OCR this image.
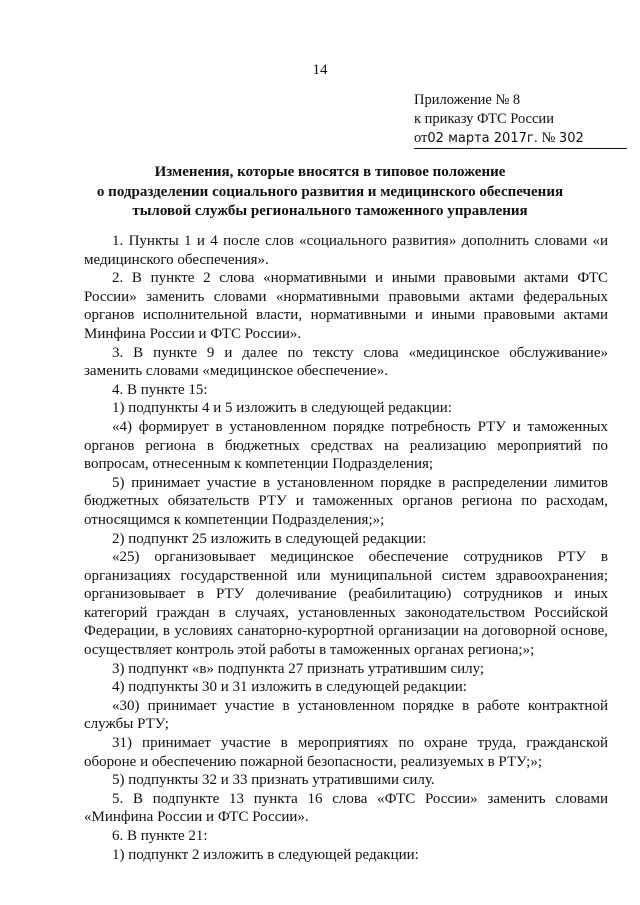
14
Приложение № 8
к приказу ФТС России
от02 марта 2017г. № 302
Изменения, которые вносятся в типовое положение
о подразделении социального развития и медицинского обеспечения
тыловой службы регионального таможенного управления

1. Пункты 1 и 4 после слов «социального развития» дополнить словами «и медицинского обеспечения».

2. В пункте 2 слова «нормативными и иными правовыми актами ФТС России» заменить словами «нормативными правовыми актами федеральных органов исполнительной власти, нормативными и иными правовыми актами Минфина России и ФТС России».

3. В пункте 9 и далее по тексту слова «медицинское обслуживание» заменить словами «медицинское обеспечение».

4. В пункте 15:

1) подпункты 4 и 5 изложить в следующей редакции:

«4) формирует в установленном порядке потребность РТУ и таможенных органов региона в бюджетных средствах на реализацию мероприятий по вопросам, отнесенным к компетенции Подразделения;

5) принимает участие в установленном порядке в распределении лимитов бюджетных обязательств РТУ и таможенных органов региона по расходам, относящимся к компетенции Подразделения;»;

2) подпункт 25 изложить в следующей редакции:

«25) организовывает медицинское обеспечение сотрудников РТУ в организациях государственной или муниципальной систем здравоохранения; организовывает в РТУ долечивание (реабилитацию) сотрудников и иных категорий граждан в случаях, установленных законодательством Российской Федерации, в условиях санаторно-курортной организации на договорной основе, осуществляет контроль этой работы в таможенных органах региона;»;

3) подпункт «в» подпункта 27 признать утратившим силу;

4) подпункты 30 и 31 изложить в следующей редакции:

«30) принимает участие в установленном порядке в работе контрактной службы РТУ;

31) принимает участие в мероприятиях по охране труда, гражданской обороне и обеспечению пожарной безопасности, реализуемых в РТУ;»;

5) подпункты 32 и 33 признать утратившими силу.

5. В подпункте 13 пункта 16 слова «ФТС России» заменить словами «Минфина России и ФТС России».

6. В пункте 21:

1) подпункт 2 изложить в следующей редакции:
